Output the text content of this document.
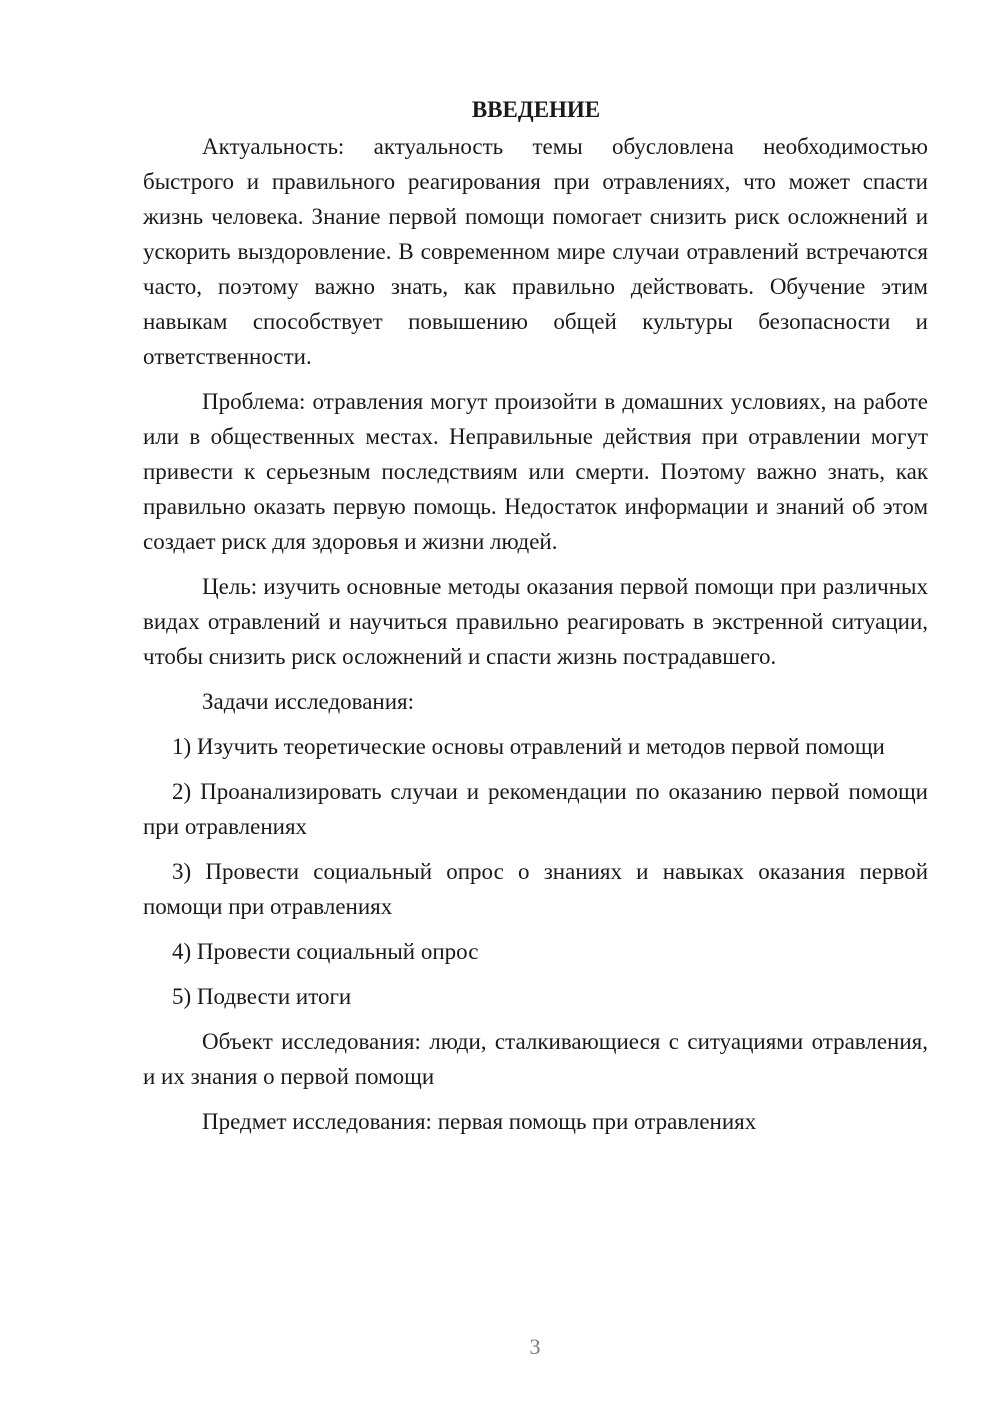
ВВЕДЕНИЕ

Актуальность: актуальность темы обусловлена необходимостью быстрого и правильного реагирования при отравлениях, что может спасти жизнь человека. Знание первой помощи помогает снизить риск осложнений и ускорить выздоровление. В современном мире случаи отравлений встречаются часто, поэтому важно знать, как правильно действовать. Обучение этим навыкам способствует повышению общей культуры безопасности и ответственности.

Проблема: отравления могут произойти в домашних условиях, на работе или в общественных местах. Неправильные действия при отравлении могут привести к серьезным последствиям или смерти. Поэтому важно знать, как правильно оказать первую помощь. Недостаток информации и знаний об этом создает риск для здоровья и жизни людей.

Цель: изучить основные методы оказания первой помощи при различных видах отравлений и научиться правильно реагировать в экстренной ситуации, чтобы снизить риск осложнений и спасти жизнь пострадавшего.

Задачи исследования:

1) Изучить теоретические основы отравлений и методов первой помощи

2) Проанализировать случаи и рекомендации по оказанию первой помощи при отравлениях

3) Провести социальный опрос о знаниях и навыках оказания первой помощи при отравлениях

4) Провести социальный опрос

5) Подвести итоги

Объект исследования: люди, сталкивающиеся с ситуациями отравления, и их знания о первой помощи

Предмет исследования: первая помощь при отравлениях

3
